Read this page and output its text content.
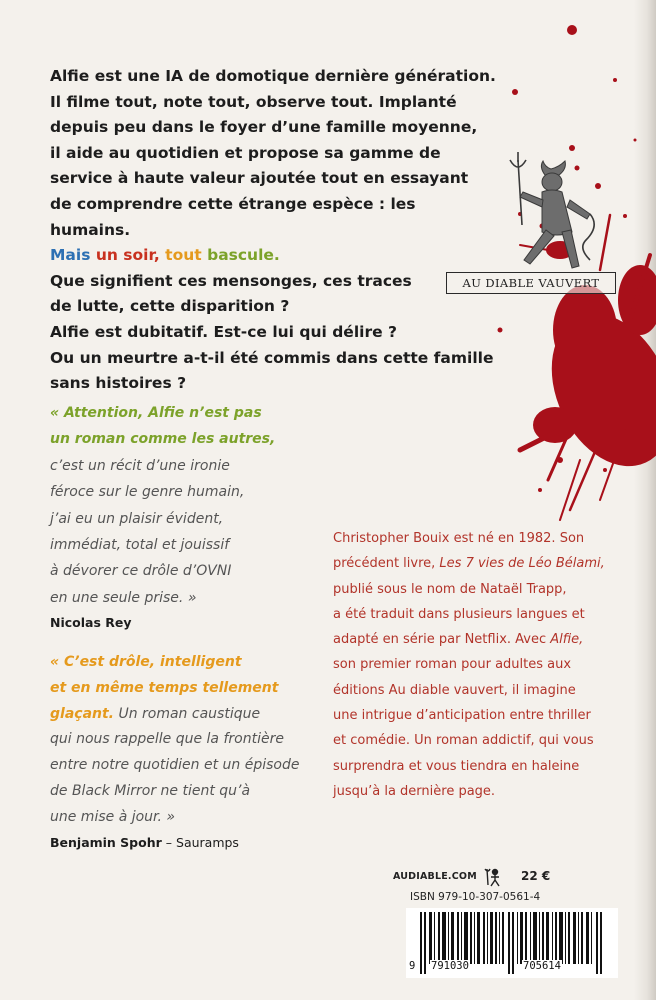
Alfie est une IA de domotique dernière génération.

Il filme tout, note tout, observe tout. Implanté

depuis peu dans le foyer d’une famille moyenne,

il aide au quotidien et propose sa gamme de

service à haute valeur ajoutée tout en essayant

de comprendre cette étrange espèce : les humains.

Mais un soir, tout bascule.

Que signifient ces mensonges, ces traces

de lutte, cette disparition ?

Alfie est dubitatif. Est-ce lui qui délire ?

Ou un meurtre a-t-il été commis dans cette famille

sans histoires ?

AU DIABLE VAUVERT
« Attention, Alfie n’est pas
un roman comme les autres,
c’est un récit d’une ironie
féroce sur le genre humain,
j’ai eu un plaisir évident,
immédiat, total et jouissif
à dévorer ce drôle d’OVNI
en une seule prise. »
Nicolas Rey
« C’est drôle, intelligent
et en même temps tellement
glaçant. Un roman caustique
qui nous rappelle que la frontière
entre notre quotidien et un épisode
de Black Mirror ne tient qu’à
une mise à jour. »
Benjamin Spohr – Sauramps
Christopher Bouix est né en 1982. Son
précédent livre, Les 7 vies de Léo Bélami,
publié sous le nom de Nataël Trapp,
a été traduit dans plusieurs langues et
adapté en série par Netflix. Avec Alfie,
son premier roman pour adultes aux
éditions Au diable vauvert, il imagine
une intrigue d’anticipation entre thriller
et comédie. Un roman addictif, qui vous
surprendra et vous tiendra en haleine
jusqu’à la dernière page.
AUDIABLE.COM	22 €
ISBN 979-10-307-0561-4
9 791030	705614
